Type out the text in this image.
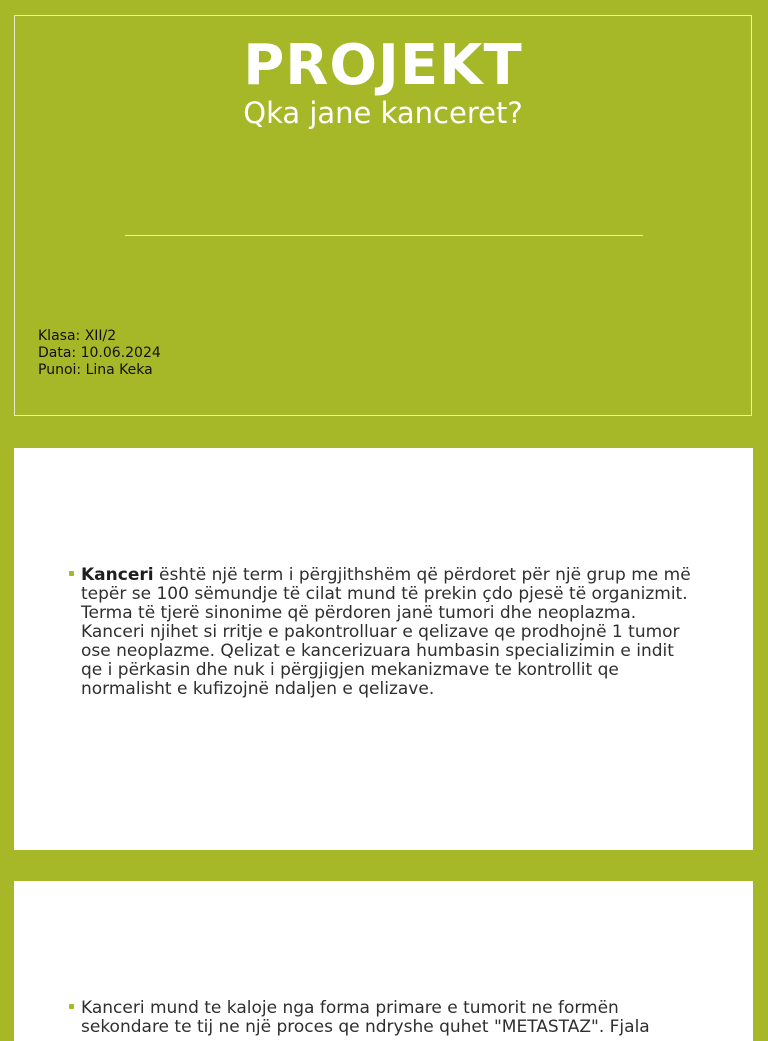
PROJEKT
Qka jane kanceret?
Klasa: XII/2
Data: 10.06.2024
Punoi: Lina Keka
Kanceri është një term i përgjithshëm që përdoret për një grup me më tepër se 100 sëmundje të cilat mund të prekin çdo pjesë të organizmit. Terma të tjerë sinonime që përdoren janë tumori dhe neoplazma. Kanceri njihet si rritje e pakontrolluar e qelizave qe prodhojnë 1 tumor ose neoplazme. Qelizat e kancerizuara humbasin specializimin e indit qe i përkasin dhe nuk i përgjigjen mekanizmave te kontrollit qe normalisht e kufizojnë ndaljen e qelizave.
Kanceri mund te kaloje nga forma primare e tumorit ne formën sekondare te tij ne një proces qe ndryshe quhet "METASTAZ". Fjala
